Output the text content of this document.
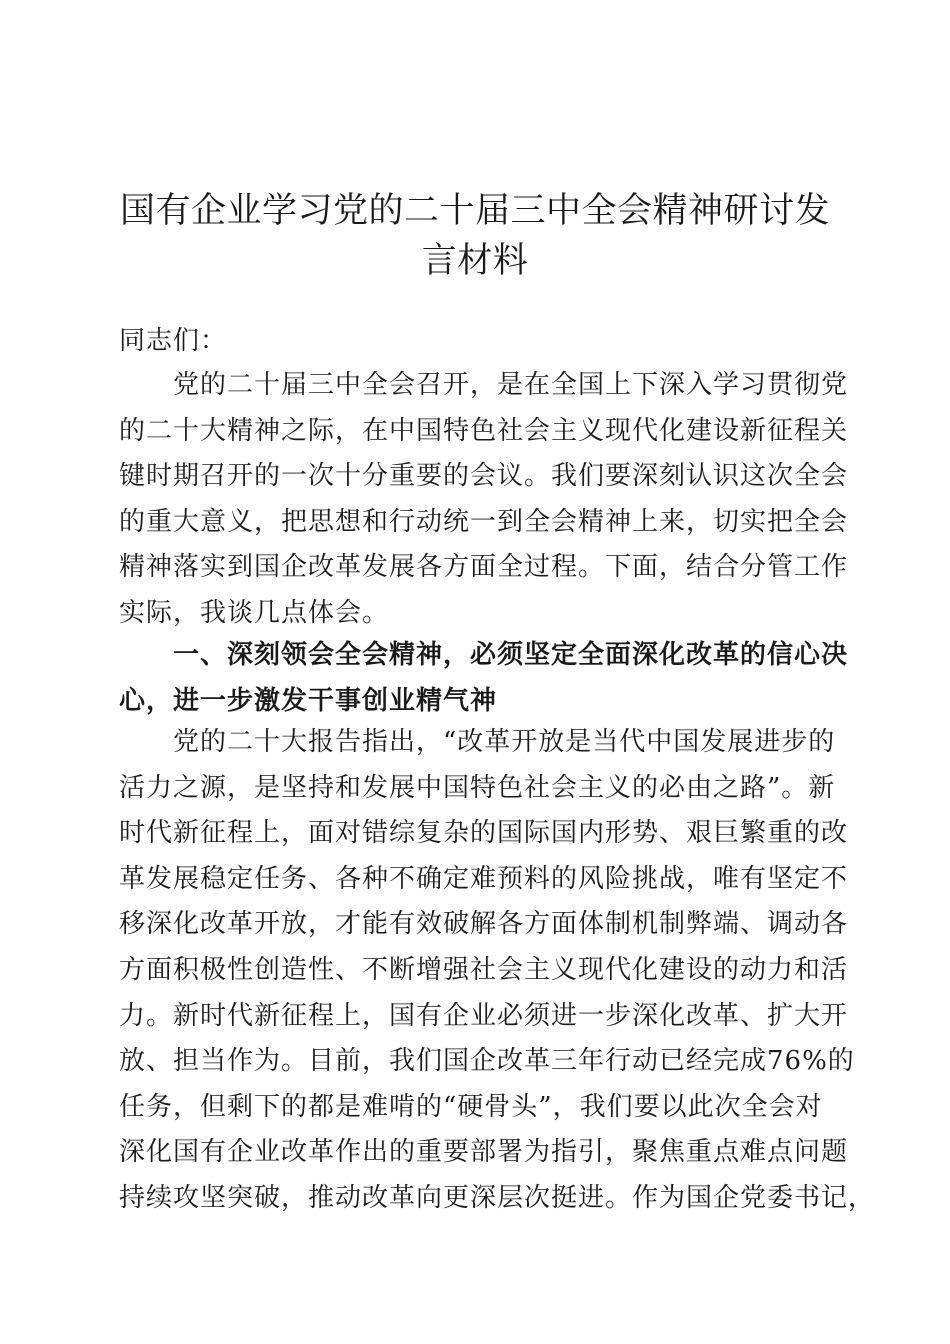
国有企业学习党的二十届三中全会精神研讨发
言材料
同志们：
党的二十届三中全会召开，是在全国上下深入学习贯彻党
的二十大精神之际，在中国特色社会主义现代化建设新征程关
键时期召开的一次十分重要的会议。我们要深刻认识这次全会
的重大意义，把思想和行动统一到全会精神上来，切实把全会
精神落实到国企改革发展各方面全过程。下面，结合分管工作
实际，我谈几点体会。
一、深刻领会全会精神，必须坚定全面深化改革的信心决
心，进一步激发干事创业精气神
党的二十大报告指出，“改革开放是当代中国发展进步的
活力之源，是坚持和发展中国特色社会主义的必由之路”。新
时代新征程上，面对错综复杂的国际国内形势、艰巨繁重的改
革发展稳定任务、各种不确定难预料的风险挑战，唯有坚定不
移深化改革开放，才能有效破解各方面体制机制弊端、调动各
方面积极性创造性、不断增强社会主义现代化建设的动力和活
力。新时代新征程上，国有企业必须进一步深化改革、扩大开
放、担当作为。目前，我们国企改革三年行动已经完成76%的
任务，但剩下的都是难啃的“硬骨头”，我们要以此次全会对
深化国有企业改革作出的重要部署为指引，聚焦重点难点问题
持续攻坚突破，推动改革向更深层次挺进。作为国企党委书记，
